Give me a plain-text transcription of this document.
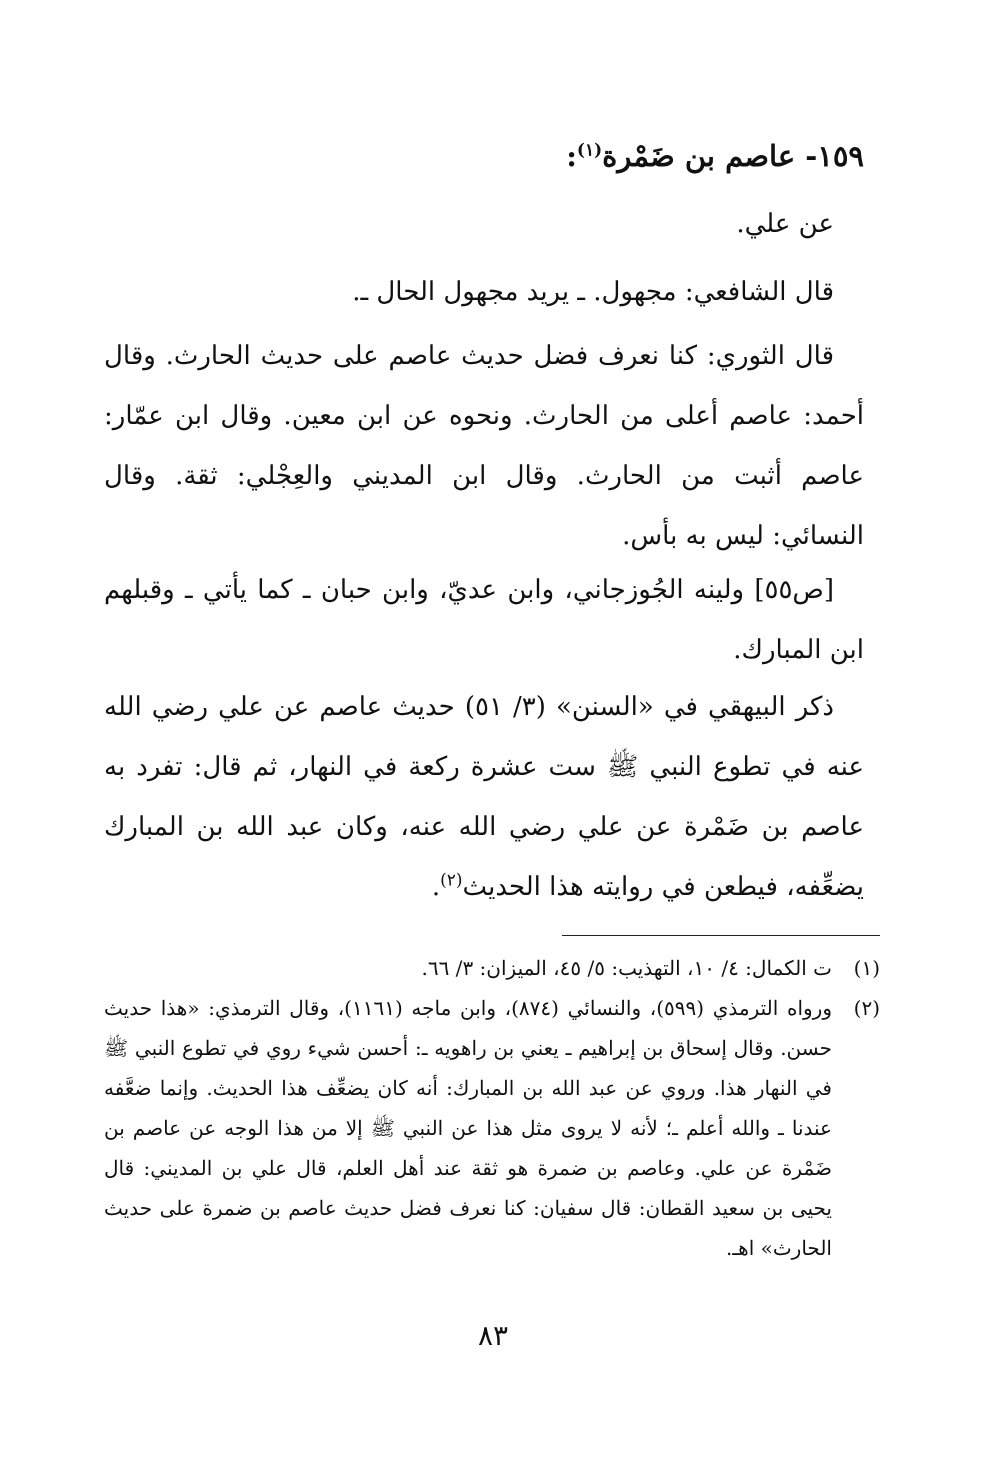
١٥٩- عاصم بن ضَمْرة$^{(١)}$:
عن علي.
قال الشافعي: مجهول. ـ يريد مجهول الحال ـ.
قال الثوري: كنا نعرف فضل حديث عاصم على حديث الحارث. وقال أحمد: عاصم أعلى من الحارث. ونحوه عن ابن معين. وقال ابن عمّار: عاصم أثبت من الحارث. وقال ابن المديني والعِجْلي: ثقة. وقال النسائي: ليس به بأس.
[ص٥٥] ولينه الجُوزجاني، وابن عديّ، وابن حبان ـ كما يأتي ـ وقبلهم ابن المبارك.
ذكر البيهقي في «السنن» (٣/ ٥١) حديث عاصم عن علي رضي الله عنه في تطوع النبي ﷺ ست عشرة ركعة في النهار، ثم قال: تفرد به عاصم بن ضَمْرة عن علي رضي الله عنه، وكان عبد الله بن المبارك يضعِّفه، فيطعن في روايته هذا الحديث$^{(٢)}$.
(١)
ت الكمال: ٤/ ١٠، التهذيب: ٥/ ٤٥، الميزان: ٣/ ٦٦.
(٢)
ورواه الترمذي (٥٩٩)، والنسائي (٨٧٤)، وابن ماجه (١١٦١)، وقال الترمذي: «هذا حديث حسن. وقال إسحاق بن إبراهيم ـ يعني بن راهويه ـ: أحسن شيء روي في تطوع النبي ﷺ في النهار هذا. وروي عن عبد الله بن المبارك: أنه كان يضعِّف هذا الحديث. وإنما ضعَّفه عندنا ـ والله أعلم ـ؛ لأنه لا يروى مثل هذا عن النبي ﷺ إلا من هذا الوجه عن عاصم بن ضَمْرة عن علي. وعاصم بن ضمرة هو ثقة عند أهل العلم، قال علي بن المديني: قال يحيى بن سعيد القطان: قال سفيان: كنا نعرف فضل حديث عاصم بن ضمرة على حديث الحارث» اهـ.
٨٣
